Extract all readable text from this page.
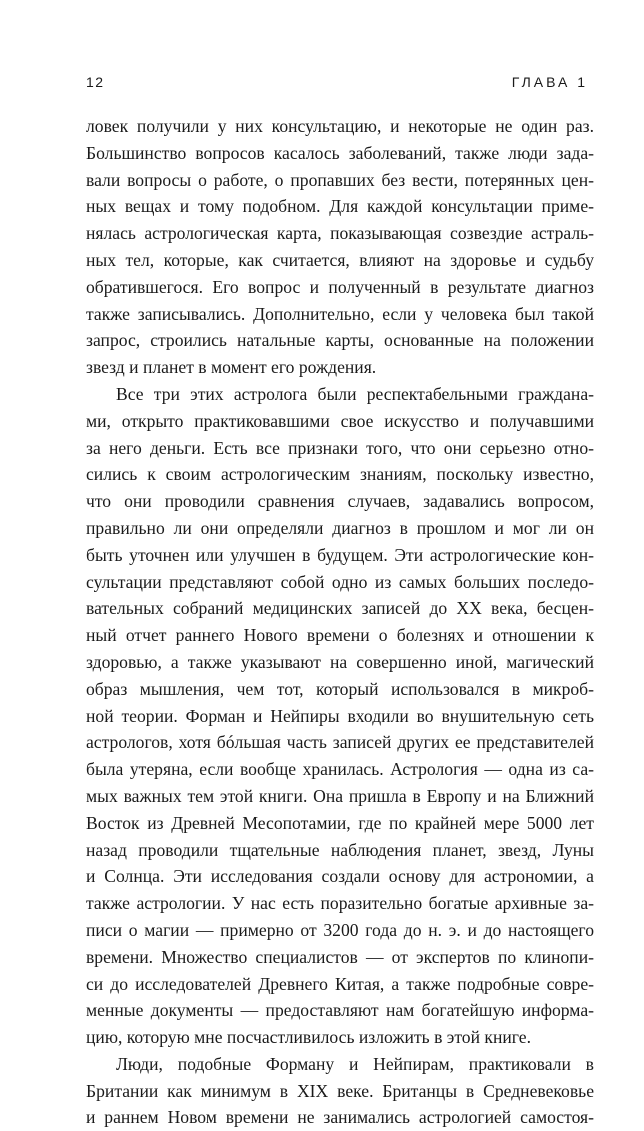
12	ГЛАВА 1
ловек получили у них консультацию, и некоторые не один раз.
Большинство вопросов касалось заболеваний, также люди зада-
вали вопросы о работе, о пропавших без вести, потерянных цен-
ных вещах и тому подобном. Для каждой консультации приме-
нялась астрологическая карта, показывающая созвездие астраль-
ных тел, которые, как считается, влияют на здоровье и судьбу
обратившегося. Его вопрос и полученный в результате диагноз
также записывались. Дополнительно, если у человека был такой
запрос, строились натальные карты, основанные на положении
звезд и планет в момент его рождения.
Все три этих астролога были респектабельными граждана-
ми, открыто практиковавшими свое искусство и получавшими
за него деньги. Есть все признаки того, что они серьезно отно-
сились к своим астрологическим знаниям, поскольку известно,
что они проводили сравнения случаев, задавались вопросом,
правильно ли они определяли диагноз в прошлом и мог ли он
быть уточнен или улучшен в будущем. Эти астрологические кон-
сультации представляют собой одно из самых больших последо-
вательных собраний медицинских записей до XX века, бесцен-
ный отчет раннего Нового времени о болезнях и отношении к
здоровью, а также указывают на совершенно иной, магический
образ мышления, чем тот, который использовался в микроб-
ной теории. Форман и Нейпиры входили во внушительную сеть
астрологов, хотя бóльшая часть записей других ее представителей
была утеряна, если вообще хранилась. Астрология — одна из са-
мых важных тем этой книги. Она пришла в Европу и на Ближний
Восток из Древней Месопотамии, где по крайней мере 5000 лет
назад проводили тщательные наблюдения планет, звезд, Луны
и Солнца. Эти исследования создали основу для астрономии, а
также астрологии. У нас есть поразительно богатые архивные за-
писи о магии — примерно от 3200 года до н. э. и до настоящего
времени. Множество специалистов — от экспертов по клинопи-
си до исследователей Древнего Китая, а также подробные совре-
менные документы — предоставляют нам богатейшую информа-
цию, которую мне посчастливилось изложить в этой книге.
Люди, подобные Форману и Нейпирам, практиковали в
Британии как минимум в XIX веке. Британцы в Средневековье
и раннем Новом времени не занимались астрологией самостоя-
